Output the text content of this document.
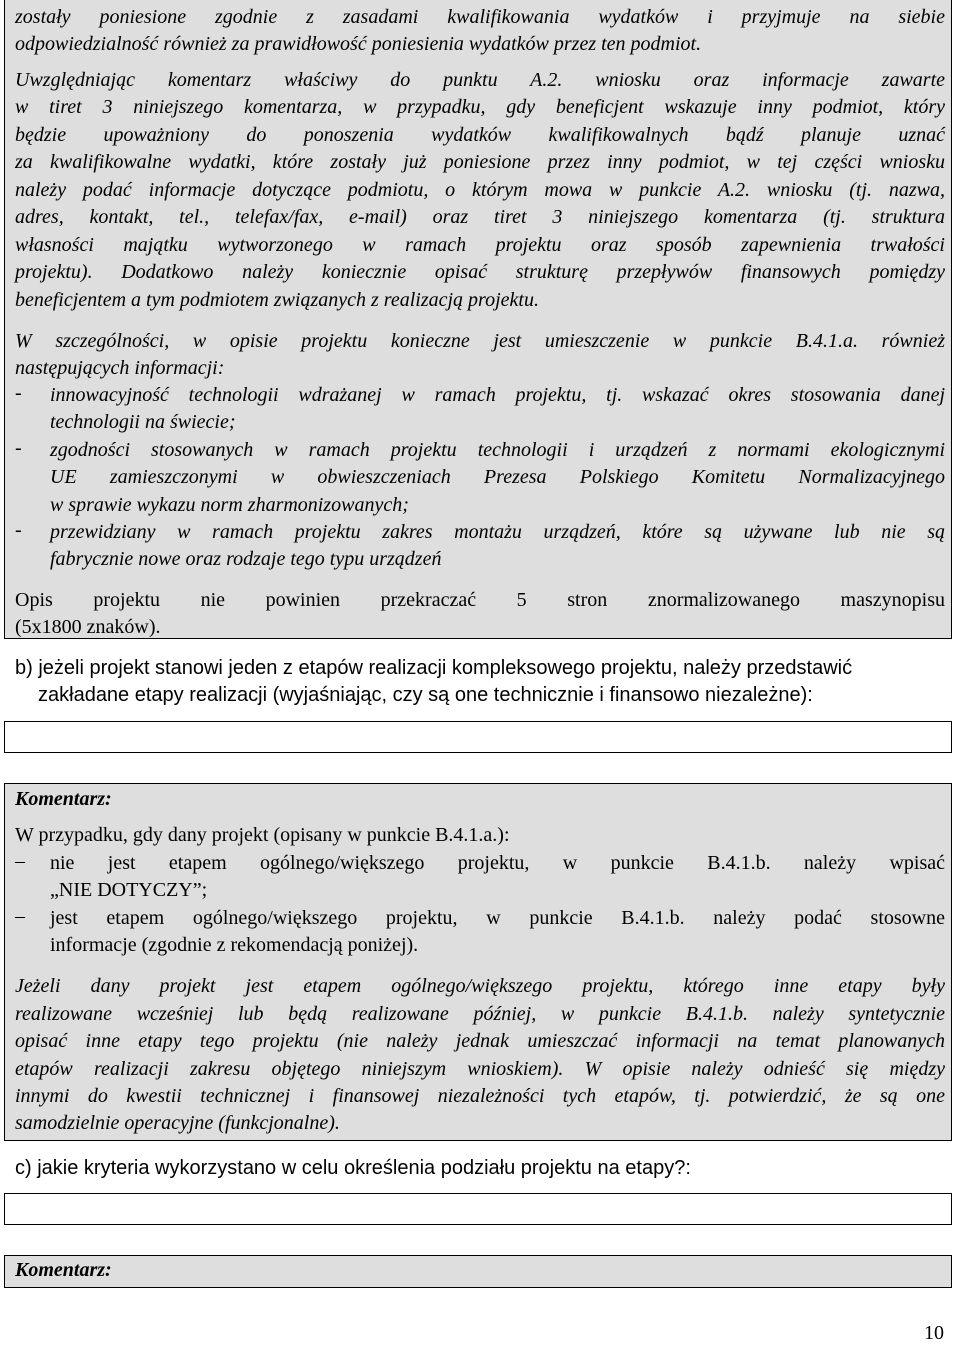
zostały poniesione zgodnie z zasadami kwalifikowania wydatków i przyjmuje na siebie
odpowiedzialność również za prawidłowość poniesienia wydatków przez ten podmiot.
Uwzględniając komentarz właściwy do punktu A.2. wniosku oraz informacje zawarte
w tiret 3 niniejszego komentarza, w przypadku, gdy beneficjent wskazuje inny podmiot, który
będzie upoważniony do ponoszenia wydatków kwalifikowalnych bądź planuje uznać
za kwalifikowalne wydatki, które zostały już poniesione przez inny podmiot, w tej części wniosku
należy podać informacje dotyczące podmiotu, o którym mowa w punkcie A.2. wniosku (tj. nazwa,
adres, kontakt, tel., telefax/fax, e-mail) oraz tiret 3 niniejszego komentarza (tj. struktura
własności majątku wytworzonego w ramach projektu oraz sposób zapewnienia trwałości
projektu). Dodatkowo należy koniecznie opisać strukturę przepływów finansowych pomiędzy
beneficjentem a tym podmiotem związanych z realizacją projektu.
W szczególności, w opisie projektu konieczne jest umieszczenie w punkcie B.4.1.a. również
następujących informacji:
- innowacyjność technologii wdrażanej w ramach projektu, tj. wskazać okres stosowania danej
technologii na świecie;
- zgodności stosowanych w ramach projektu technologii i urządzeń z normami ekologicznymi
UE zamieszczonymi w obwieszczeniach Prezesa Polskiego Komitetu Normalizacyjnego
w sprawie wykazu norm zharmonizowanych;
- przewidziany w ramach projektu zakres montażu urządzeń, które są używane lub nie są
fabrycznie nowe oraz rodzaje tego typu urządzeń
Opis projektu nie powinien przekraczać 5 stron znormalizowanego maszynopisu
(5x1800 znaków).
b) jeżeli projekt stanowi jeden z etapów realizacji kompleksowego projektu, należy przedstawić
zakładane etapy realizacji (wyjaśniając, czy są one technicznie i finansowo niezależne):
Komentarz:
W przypadku, gdy dany projekt (opisany w punkcie B.4.1.a.):
– nie jest etapem ogólnego/większego projektu, w punkcie B.4.1.b. należy wpisać
„NIE DOTYCZY”;
– jest etapem ogólnego/większego projektu, w punkcie B.4.1.b. należy podać stosowne
informacje (zgodnie z rekomendacją poniżej).
Jeżeli dany projekt jest etapem ogólnego/większego projektu, którego inne etapy były
realizowane wcześniej lub będą realizowane później, w punkcie B.4.1.b. należy syntetycznie
opisać inne etapy tego projektu (nie należy jednak umieszczać informacji na temat planowanych
etapów realizacji zakresu objętego niniejszym wnioskiem). W opisie należy odnieść się między
innymi do kwestii technicznej i finansowej niezależności tych etapów, tj. potwierdzić, że są one
samodzielnie operacyjne (funkcjonalne).
c) jakie kryteria wykorzystano w celu określenia podziału projektu na etapy?:
Komentarz:
10
